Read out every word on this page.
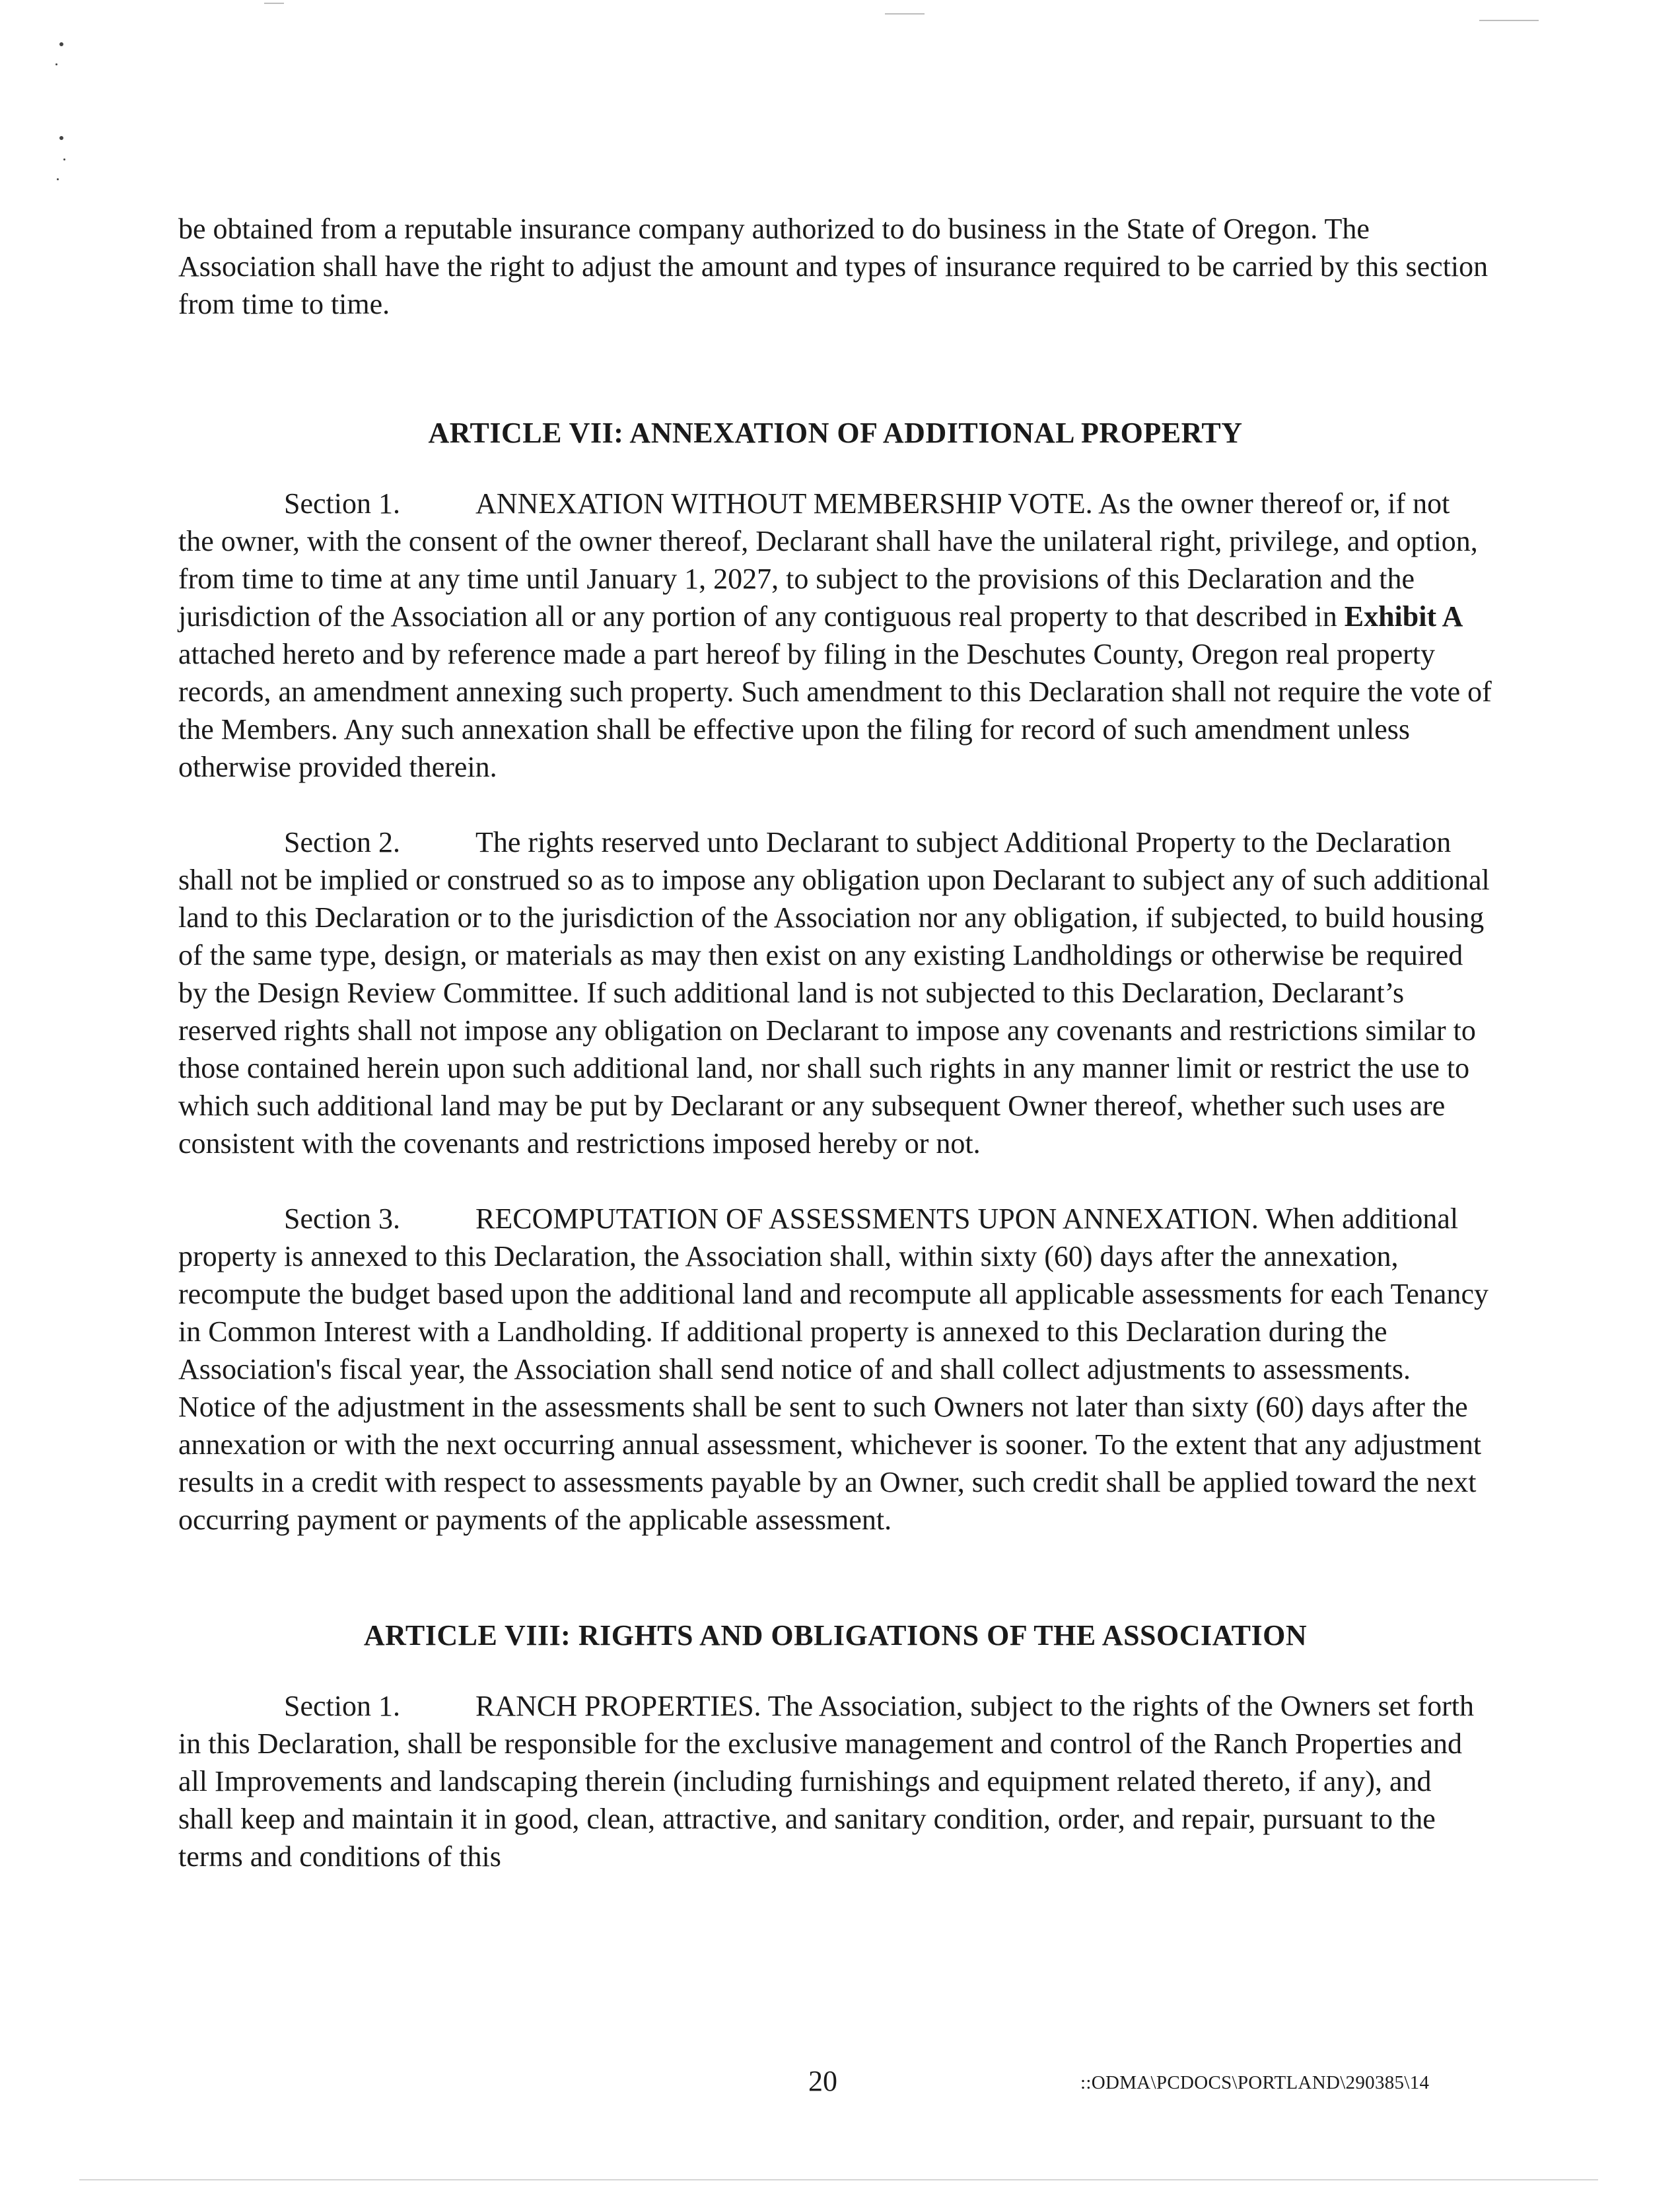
be obtained from a reputable insurance company authorized to do business in the State of Oregon. The Association shall have the right to adjust the amount and types of insurance required to be carried by this section from time to time.

ARTICLE VII: ANNEXATION OF ADDITIONAL PROPERTY

Section 1.	ANNEXATION WITHOUT MEMBERSHIP VOTE. As the owner thereof or, if not the owner, with the consent of the owner thereof, Declarant shall have the unilateral right, privilege, and option, from time to time at any time until January 1, 2027, to subject to the provisions of this Declaration and the jurisdiction of the Association all or any portion of any contiguous real property to that described in Exhibit A attached hereto and by reference made a part hereof by filing in the Deschutes County, Oregon real property records, an amendment annexing such property. Such amendment to this Declaration shall not require the vote of the Members. Any such annexation shall be effective upon the filing for record of such amendment unless otherwise provided therein.

Section 2.	The rights reserved unto Declarant to subject Additional Property to the Declaration shall not be implied or construed so as to impose any obligation upon Declarant to subject any of such additional land to this Declaration or to the jurisdiction of the Association nor any obligation, if subjected, to build housing of the same type, design, or materials as may then exist on any existing Landholdings or otherwise be required by the Design Review Committee. If such additional land is not subjected to this Declaration, Declarant’s reserved rights shall not impose any obligation on Declarant to impose any covenants and restrictions similar to those contained herein upon such additional land, nor shall such rights in any manner limit or restrict the use to which such additional land may be put by Declarant or any subsequent Owner thereof, whether such uses are consistent with the covenants and restrictions imposed hereby or not.

Section 3.	RECOMPUTATION OF ASSESSMENTS UPON ANNEXATION. When additional property is annexed to this Declaration, the Association shall, within sixty (60) days after the annexation, recompute the budget based upon the additional land and recompute all applicable assessments for each Tenancy in Common Interest with a Landholding. If additional property is annexed to this Declaration during the Association's fiscal year, the Association shall send notice of and shall collect adjustments to assessments. Notice of the adjustment in the assessments shall be sent to such Owners not later than sixty (60) days after the annexation or with the next occurring annual assessment, whichever is sooner. To the extent that any adjustment results in a credit with respect to assessments payable by an Owner, such credit shall be applied toward the next occurring payment or payments of the applicable assessment.

ARTICLE VIII: RIGHTS AND OBLIGATIONS OF THE ASSOCIATION

Section 1.	RANCH PROPERTIES. The Association, subject to the rights of the Owners set forth in this Declaration, shall be responsible for the exclusive management and control of the Ranch Properties and all Improvements and landscaping therein (including furnishings and equipment related thereto, if any), and shall keep and maintain it in good, clean, attractive, and sanitary condition, order, and repair, pursuant to the terms and conditions of this

20	::ODMA\PCDOCS\PORTLAND\290385\14
